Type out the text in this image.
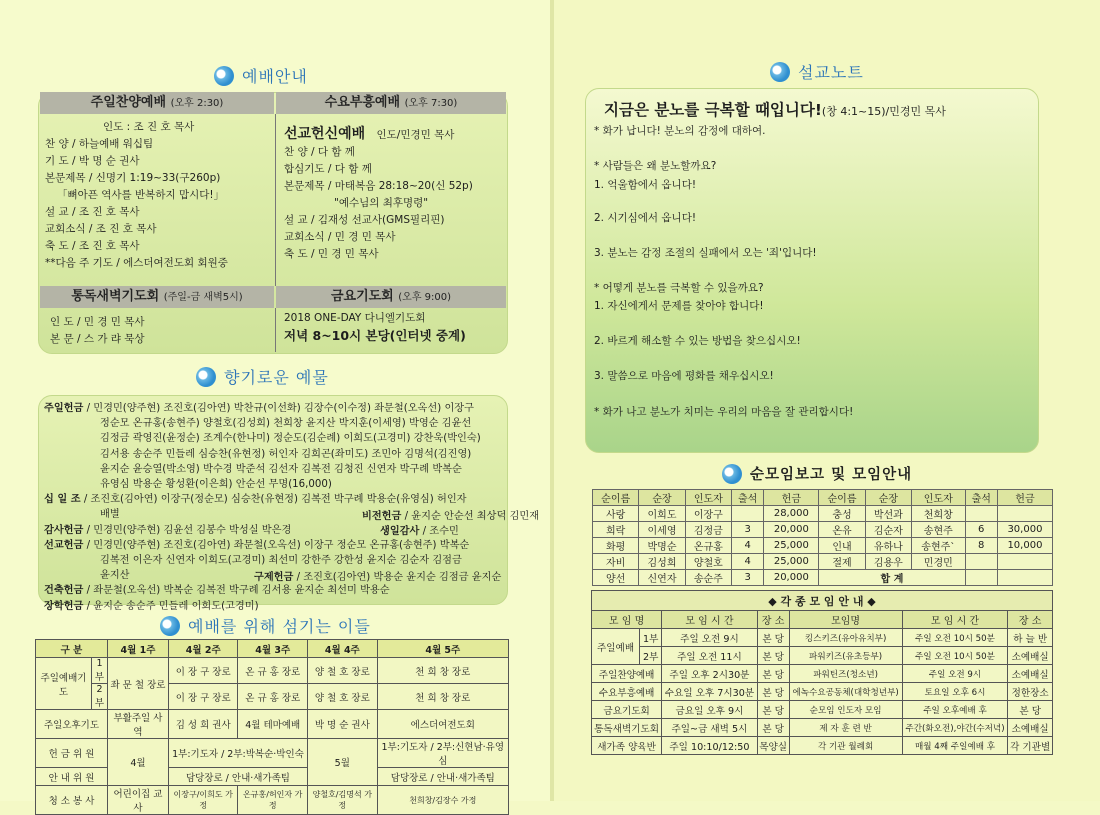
예배안내
주일찬양예배 (오후 2:30)	수요부흥예배 (오후 7:30)
인도 : 조 진 호 목사
찬 양 / 하늘예배 워십팀
기 도 / 박 명 순 권사
본문제목 / 신명기 1:19~33(구260p)
「뼈아픈 역사를 반복하지 맙시다!」
설 교 / 조 진 호 목사
교회소식 / 조 진 호 목사
축 도 / 조 진 호 목사
**다음 주 기도 / 에스더여전도회 회원중
선교헌신예배 인도/민경민 목사
찬 양 / 다 함 께
합심기도 / 다 함 께
본문제목 / 마태복음 28:18~20(신 52p)
"예수님의 최후명령"
설 교 / 김재성 선교사(GMS필리핀)
교회소식 / 민 경 민 목사
축 도 / 민 경 민 목사
통독새벽기도회 (주일-금 새벽5시)	금요기도회 (오후 9:00)
인 도 / 민 경 민 목사
본 문 / 스 가 랴 묵상
2018 ONE-DAY 다니엘기도회
저녁 8~10시 본당(인터넷 중계)
향기로운 예물
주일헌금 / 민경민(양주현) 조진호(김아연) 박찬규(이선화) 김장수(이수정) 좌문철(오옥선) 이장구
정순모 온규홍(송현주) 양철호(김성희) 천희창 윤지산 박지훈(이세영) 박영순 김윤선
김정금 곽영진(윤정순) 조계수(한나미) 정순도(김순례) 이희도(고경미) 강찬욱(박인숙)
김서용 송순주 민들레 심승찬(유현정) 허인자 김희곤(좌미도) 조민아 김명석(김진영)
윤지순 윤승열(박소영) 박수경 박준석 김선자 김복전 김청진 신연자 박구례 박복순
유영심 박용순 황성환(이은희) 안순선 무명(16,000)
십 일 조 / 조진호(김아연) 이장구(정순모) 심승찬(유현정) 김복전 박구례 박용순(유영심) 허인자
배별
감사헌금 / 민경민(양주현) 김윤선 김봉수 박성실 박은경
선교헌금 / 민경민(양주현) 조진호(김아연) 좌문철(오옥선) 이장구 정순모 온규홍(송현주) 박복순
김복전 이은자 신연자 이희도(고경미) 최선미 강한주 강한성 윤지순 김순자 김점금
윤지산
건축헌금 / 좌문철(오옥선) 박복순 김복전 박구례 김서용 윤지순 최선미 박용순
장학헌금 / 윤지순 송순주 민들레 이희도(고경미)
비전헌금 / 윤지순 안순선 최상덕 김민재
생일감사 / 조수민
구제헌금 / 조진호(김아연) 박용순 윤지순 김점금 윤지순
예배를 위해 섬기는 이들
구 분		4월 1주	4월 2주	4월 3주	4월 4주	4월 5주
주일예배기도	1부	좌 문 철 장로	이 장 구 장로	온 규 홍 장로	양 철 호 장로	천 희 창 장로
	2부		이 장 구 장로	온 규 홍 장로	양 철 호 장로	천 희 창 장로
주일오후기도		부활주일 사역	김 성 희 권사	4월 테마예배	박 명 순 권사	에스더여전도회
헌 금 위 원		4월	1부:기도자 / 2부:박복순·박인숙		5월	1부:기도자 / 2부:신현남·유영심
안 내 위 원			담당장로 / 안내·새가족팀			담당장로 / 안내·새가족팀
청 소 봉 사		어린이집 교사	이장구/이희도 가정	온규홍/허인자 가정	양철호/김명석 가정	천희창/김장수 가정
설교노트
지금은 분노를 극복할 때입니다!(창 4:1~15)/민경민 목사
* 화가 납니다! 분노의 감정에 대하여.
* 사람들은 왜 분노할까요?
1. 억울함에서 옵니다!
2. 시기심에서 옵니다!
3. 분노는 감정 조절의 실패에서 오는 '죄'입니다!
* 어떻게 분노를 극복할 수 있을까요?
1. 자신에게서 문제를 찾아야 합니다!
2. 바르게 해소할 수 있는 방법을 찾으십시오!
3. 말씀으로 마음에 평화를 채우십시오!
* 화가 나고 분노가 치미는 우리의 마음을 잘 관리합시다!
순모임보고 및 모임안내
순이름	순장	인도자	출석	헌금	순이름	순장	인도자	출석	헌금
사랑	이희도	이장구		28,000	충성	박선과	천희창		
희락	이세영	김정금	3	20,000	온유	김순자	송현주	6	30,000
화평	박명순	온규홍	4	25,000	인내	유하나	송현주`	8	10,000
자비	김성희	양철호	4	25,000	절제	김용우	민경민		
양선	신연자	송순주	3	20,000	합 계				
◆ 각 종 모 임 안 내 ◆						
모 임 명		모 임 시 간	장 소	모임명	모 임 시 간	장 소
주일예배	1부	주일 오전 9시	본 당	킹스키즈(유아유치부)	주일 오전 10시 50분	하 늘 반
	2부	주일 오전 11시	본 당	파워키즈(유초등부)	주일 오전 10시 50분	소예배실
주일찬양예배		주일 오후 2시30분	본 당	파워틴즈(청소년)	주일 오전 9시	소예배실
수요부흥예배		수요일 오후 7시30분	본 당	에녹수요공동체(대학청년부)	토요일 오후 6시	정한장소
금요기도회		금요일 오후 9시	본 당	순모임 인도자 모임	주일 오후예배 후	본 당
통독새벽기도회		주일~금 새벽 5시	본 당	제 자 훈 련 반	주간(화오전),야간(수저녁)	소예배실
새가족 양육반		주일 10:10/12:50	목양실	각 기관 월례회	매월 4째 주일예배 후	각 기관별
